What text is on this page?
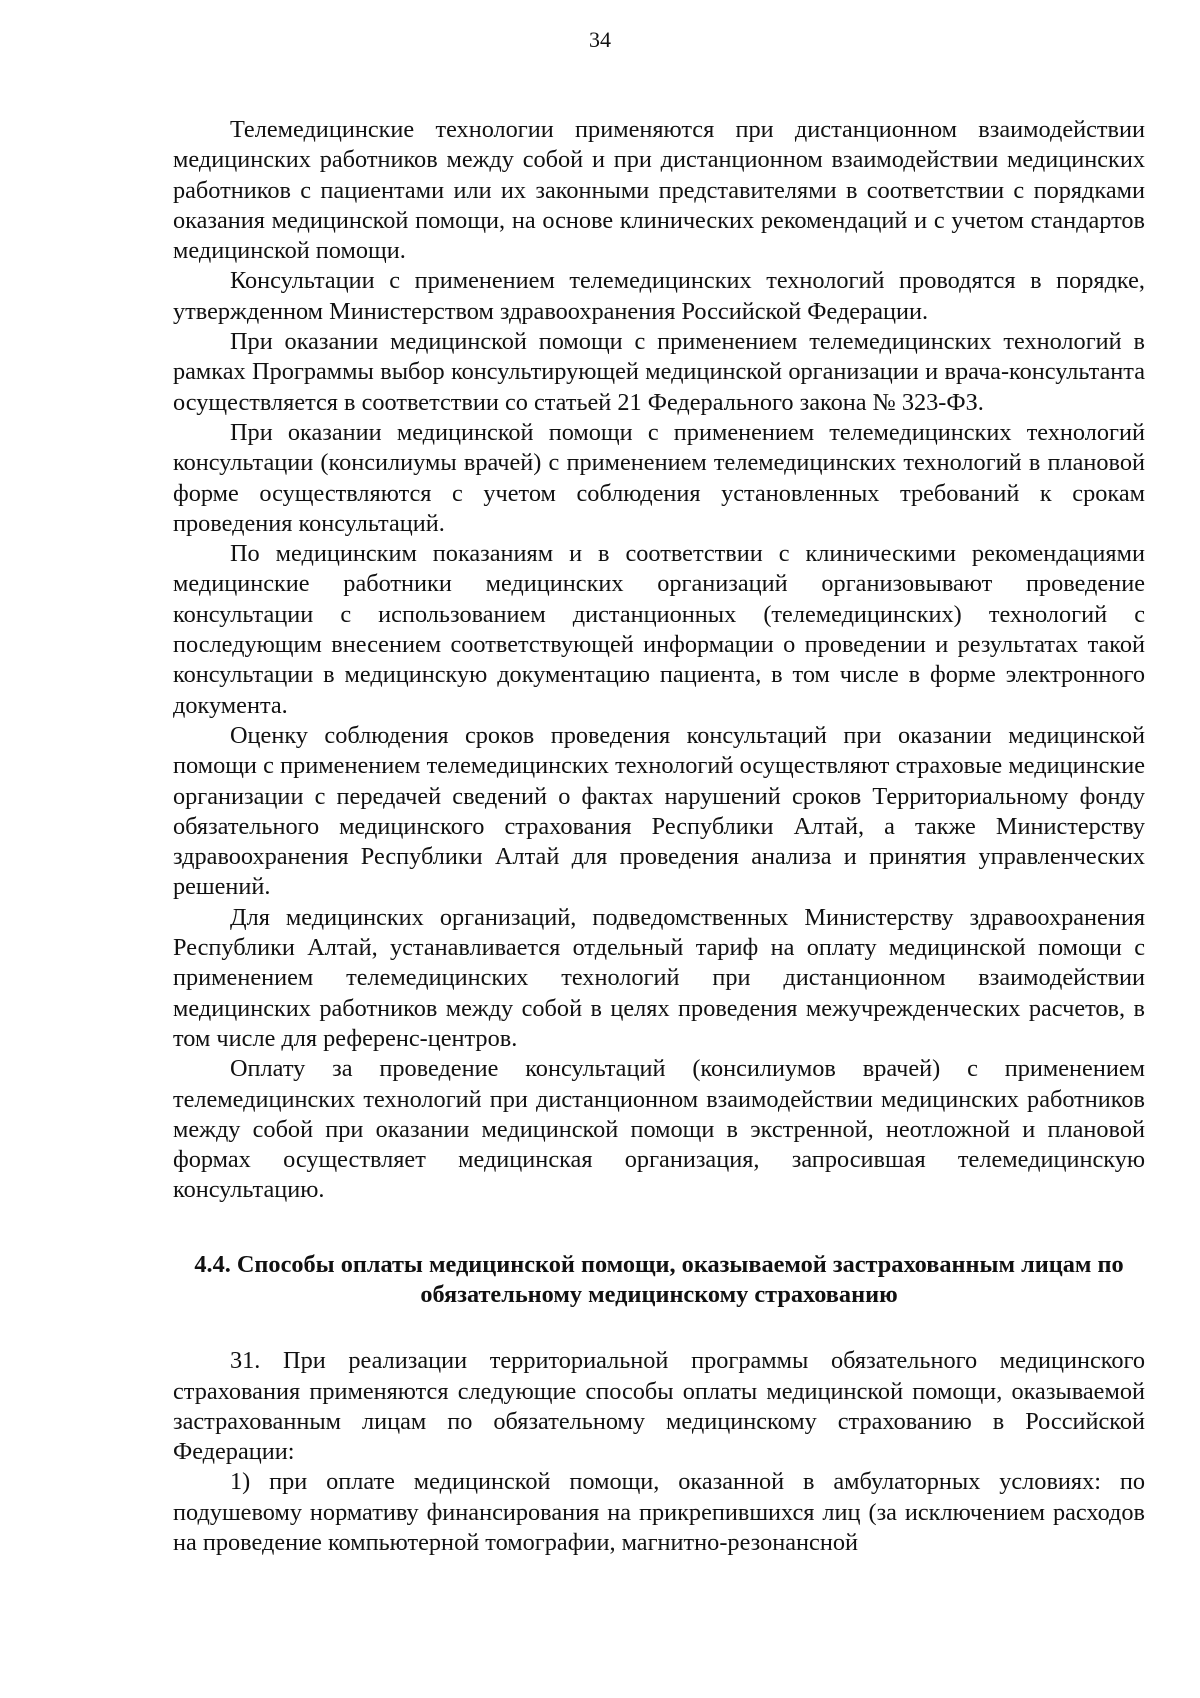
34

Телемедицинские технологии применяются при дистанционном взаимодействии медицинских работников между собой и при дистанционном взаимодействии медицинских работников с пациентами или их законными представителями в соответствии с порядками оказания медицинской помощи, на основе клинических рекомендаций и с учетом стандартов медицинской помощи.

Консультации с применением телемедицинских технологий проводятся в порядке, утвержденном Министерством здравоохранения Российской Федерации.

При оказании медицинской помощи с применением телемедицинских технологий в рамках Программы выбор консультирующей медицинской организации и врача-консультанта осуществляется в соответствии со статьей 21 Федерального закона № 323-ФЗ.

При оказании медицинской помощи с применением телемедицинских технологий консультации (консилиумы врачей) с применением телемедицинских технологий в плановой форме осуществляются с учетом соблюдения установленных требований к срокам проведения консультаций.

По медицинским показаниям и в соответствии с клиническими рекомендациями медицинские работники медицинских организаций организовывают проведение консультации с использованием дистанционных (телемедицинских) технологий с последующим внесением соответствующей информации о проведении и результатах такой консультации в медицинскую документацию пациента, в том числе в форме электронного документа.

Оценку соблюдения сроков проведения консультаций при оказании медицинской помощи с применением телемедицинских технологий осуществляют страховые медицинские организации с передачей сведений о фактах нарушений сроков Территориальному фонду обязательного медицинского страхования Республики Алтай, а также Министерству здравоохранения Республики Алтай для проведения анализа и принятия управленческих решений.

Для медицинских организаций, подведомственных Министерству здравоохранения Республики Алтай, устанавливается отдельный тариф на оплату медицинской помощи с применением телемедицинских технологий при дистанционном взаимодействии медицинских работников между собой в целях проведения межучрежденческих расчетов, в том числе для референс-центров.

Оплату за проведение консультаций (консилиумов врачей) с применением телемедицинских технологий при дистанционном взаимодействии медицинских работников между собой при оказании медицинской помощи в экстренной, неотложной и плановой формах осуществляет медицинская организация, запросившая телемедицинскую консультацию.

4.4. Способы оплаты медицинской помощи, оказываемой застрахованным лицам по
обязательному медицинскому страхованию

31. При реализации территориальной программы обязательного медицинского страхования применяются следующие способы оплаты медицинской помощи, оказываемой застрахованным лицам по обязательному медицинскому страхованию в Российской Федерации:

1) при оплате медицинской помощи, оказанной в амбулаторных условиях: по подушевому нормативу финансирования на прикрепившихся лиц (за исключением расходов на проведение компьютерной томографии, магнитно-резонансной
